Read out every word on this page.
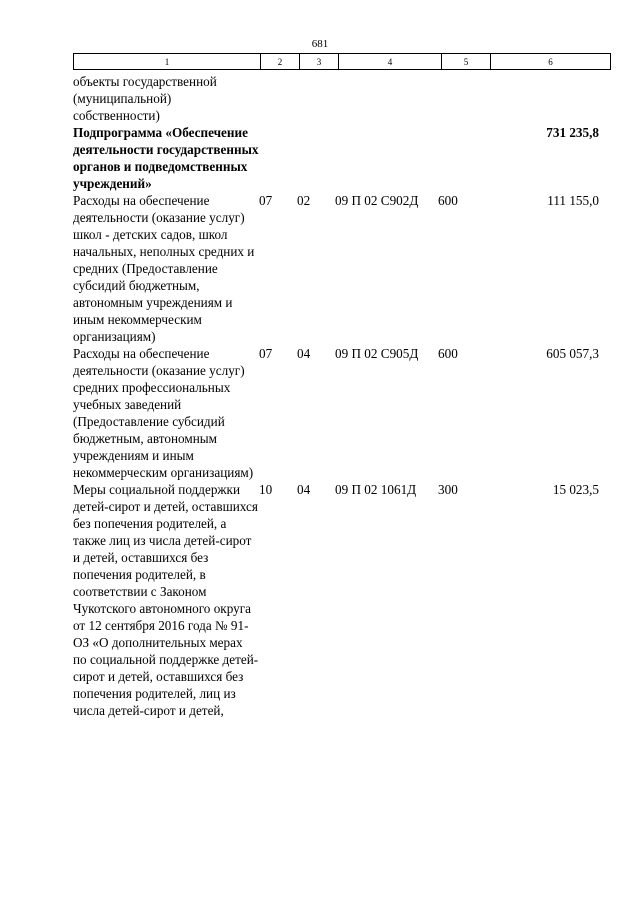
681
1	2	3	4	5	6
объекты государственной (муниципальной) собственности)					
Подпрограмма «Обеспечение деятельности государственных органов и подведомственных учреждений»					731 235,8
Расходы на обеспечение деятельности (оказание услуг) школ - детских садов, школ начальных, неполных средних и средних (Предоставление субсидий бюджетным, автономным учреждениям и иным некоммерческим организациям)	07	02	09 П 02 С902Д	600	111 155,0
Расходы на обеспечение деятельности (оказание услуг) средних профессиональных учебных заведений (Предоставление субсидий бюджетным, автономным учреждениям и иным некоммерческим организациям)	07	04	09 П 02 С905Д	600	605 057,3
Меры социальной поддержки детей-сирот и детей, оставшихся без попечения родителей, а также лиц из числа детей-сирот и детей, оставшихся без попечения родителей, в соответствии с Законом Чукотского автономного округа от 12 сентября 2016 года № 91-ОЗ «О дополнительных мерах по социальной поддержке детей-сирот и детей, оставшихся без попечения родителей, лиц из числа детей-сирот и детей,	10	04	09 П 02 1061Д	300	15 023,5
